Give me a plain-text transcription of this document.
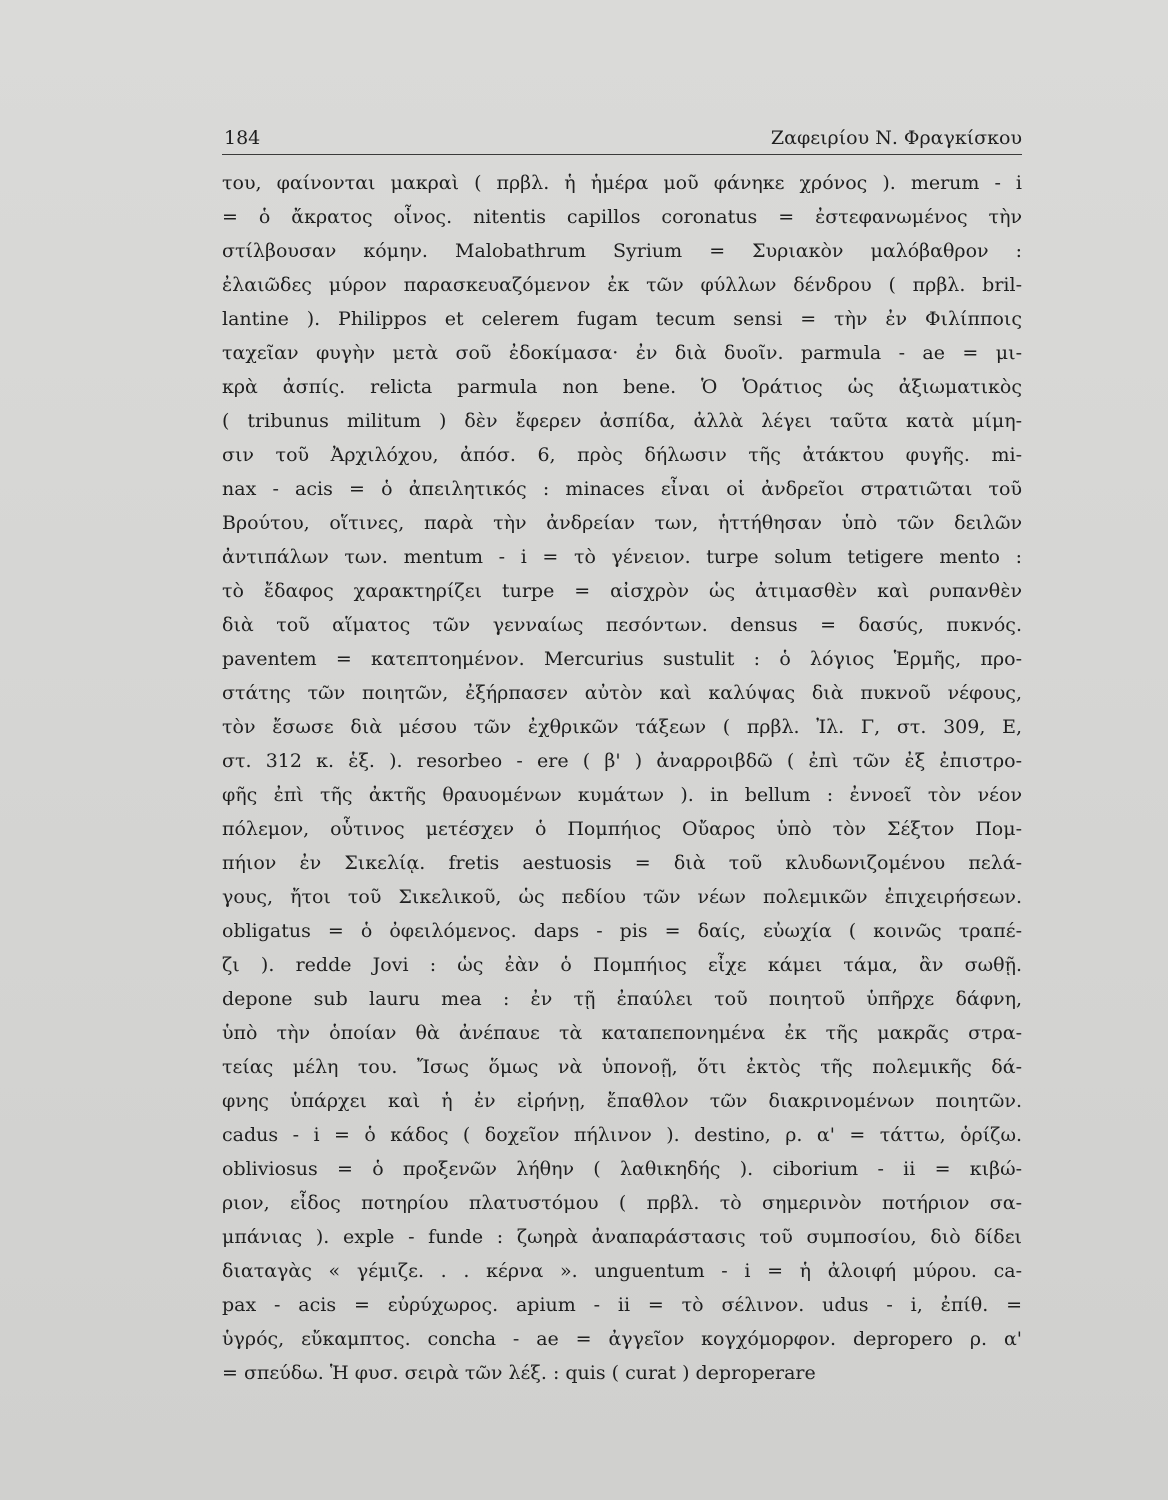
184	Ζαφειρίου Ν. Φραγκίσκου
του, φαίνονται μακραὶ ( πρβλ. ἡ ἡμέρα μοῦ φάνηκε χρόνος ). merum - i
= ὁ ἄκρατος οἶνος. nitentis capillos coronatus = ἐστεφανωμένος τὴν
στίλβουσαν κόμην. Malobathrum Syrium = Συριακὸν μαλόβαθρον :
ἐλαιῶδες μύρον παρασκευαζόμενον ἐκ τῶν φύλλων δένδρου ( πρβλ. bril-
lantine ). Philippos et celerem fugam tecum sensi = τὴν ἐν Φιλίπποις
ταχεῖαν φυγὴν μετὰ σοῦ ἐδοκίμασα· ἐν διὰ δυοῖν. parmula - ae = μι-
κρὰ ἀσπίς. relicta parmula non bene. Ὁ Ὁράτιος ὡς ἀξιωματικὸς
( tribunus militum ) δὲν ἔφερεν ἀσπίδα, ἀλλὰ λέγει ταῦτα κατὰ μίμη-
σιν τοῦ Ἀρχιλόχου, ἀπόσ. 6, πρὸς δήλωσιν τῆς ἀτάκτου φυγῆς. mi-
nax - acis = ὁ ἀπειλητικός : minaces εἶναι οἱ ἀνδρεῖοι στρατιῶται τοῦ
Βρούτου, οἵτινες, παρὰ τὴν ἀνδρείαν των, ἡττήθησαν ὑπὸ τῶν δειλῶν
ἀντιπάλων των. mentum - i = τὸ γένειον. turpe solum tetigere mento :
τὸ ἔδαφος χαρακτηρίζει turpe = αἰσχρὸν ὡς ἀτιμασθὲν καὶ ρυπανθὲν
διὰ τοῦ αἵματος τῶν γενναίως πεσόντων. densus = δασύς, πυκνός.
paventem = κατεπτοημένον. Mercurius sustulit : ὁ λόγιος Ἑρμῆς, προ-
στάτης τῶν ποιητῶν, ἐξήρπασεν αὐτὸν καὶ καλύψας διὰ πυκνοῦ νέφους,
τὸν ἔσωσε διὰ μέσου τῶν ἐχθρικῶν τάξεων ( πρβλ. Ἰλ. Γ, στ. 309, Ε,
στ. 312 κ. ἑξ. ). resorbeo - ere ( β' ) ἀναρροιβδῶ ( ἐπὶ τῶν ἐξ ἐπιστρο-
φῆς ἐπὶ τῆς ἀκτῆς θραυομένων κυμάτων ). in bellum : ἐννοεῖ τὸν νέον
πόλεμον, οὗτινος μετέσχεν ὁ Πομπήιος Οὔαρος ὑπὸ τὸν Σέξτον Πομ-
πήιον ἐν Σικελίᾳ. fretis aestuosis = διὰ τοῦ κλυδωνιζομένου πελά-
γους, ἤτοι τοῦ Σικελικοῦ, ὡς πεδίου τῶν νέων πολεμικῶν ἐπιχειρήσεων.
obligatus = ὁ ὀφειλόμενος. daps - pis = δαίς, εὐωχία ( κοινῶς τραπέ-
ζι ). redde Jovi : ὡς ἐὰν ὁ Πομπήιος εἶχε κάμει τάμα, ἂν σωθῇ.
depone sub lauru mea : ἐν τῇ ἐπαύλει τοῦ ποιητοῦ ὑπῆρχε δάφνη,
ὑπὸ τὴν ὁποίαν θὰ ἀνέπαυε τὰ καταπεπονημένα ἐκ τῆς μακρᾶς στρα-
τείας μέλη του. Ἴσως ὅμως νὰ ὑπονοῇ, ὅτι ἐκτὸς τῆς πολεμικῆς δά-
φνης ὑπάρχει καὶ ἡ ἐν εἰρήνῃ, ἔπαθλον τῶν διακρινομένων ποιητῶν.
cadus - i = ὁ κάδος ( δοχεῖον πήλινον ). destino, ρ. α' = τάττω, ὁρίζω.
obliviosus = ὁ προξενῶν λήθην ( λαθικηδής ). ciborium - ii = κιβώ-
ριον, εἶδος ποτηρίου πλατυστόμου ( πρβλ. τὸ σημερινὸν ποτήριον σα-
μπάνιας ). exple - funde : ζωηρὰ ἀναπαράστασις τοῦ συμποσίου, διὸ δίδει
διαταγὰς « γέμιζε. . . κέρνα ». unguentum - i = ἡ ἀλοιφή μύρου. ca-
pax - acis = εὐρύχωρος. apium - ii = τὸ σέλινον. udus - i, ἐπίθ. =
ὑγρός, εὔκαμπτος. concha - ae = ἀγγεῖον κογχόμορφον. depropero ρ. α'
= σπεύδω. Ἡ φυσ. σειρὰ τῶν λέξ. : quis ( curat ) deproperare
